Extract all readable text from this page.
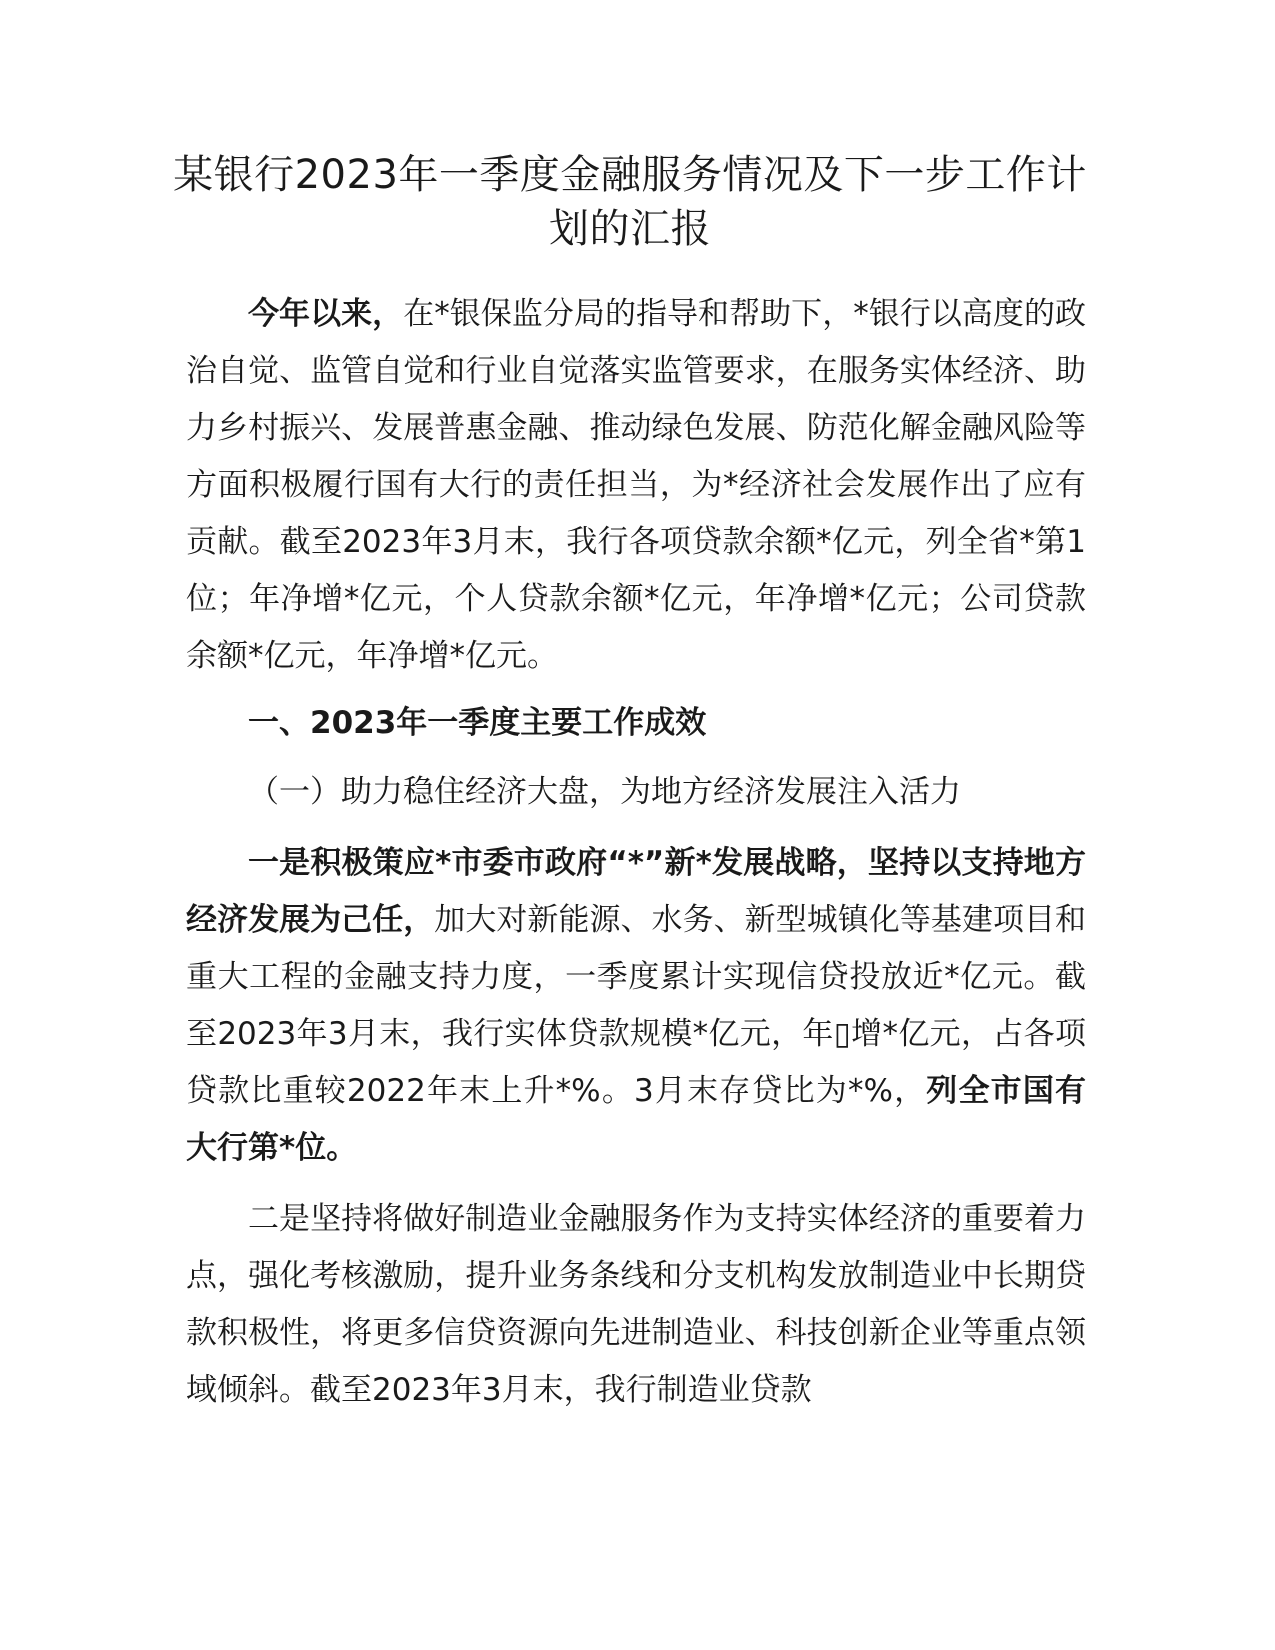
某银行2023年一季度金融服务情况及下一步工作计划的汇报

今年以来，在*银保监分局的指导和帮助下，*银行以高度的政治自觉、监管自觉和行业自觉落实监管要求，在服务实体经济、助力乡村振兴、发展普惠金融、推动绿色发展、防范化解金融风险等方面积极履行国有大行的责任担当，为*经济社会发展作出了应有贡献。截至2023年3月末，我行各项贷款余额*亿元，列全省*第1位；年净增*亿元，个人贷款余额*亿元，年净增*亿元；公司贷款余额*亿元，年净增*亿元。

一、2023年一季度主要工作成效

（一）助力稳住经济大盘，为地方经济发展注入活力

一是积极策应*市委市政府“*”新*发展战略，坚持以支持地方经济发展为己任，加大对新能源、水务、新型城镇化等基建项目和重大工程的金融支持力度，一季度累计实现信贷投放近*亿元。截至2023年3月末，我行实体贷款规模*亿元，年▯增*亿元，占各项贷款比重较2022年末上升*%。3月末存贷比为*%，列全市国有大行第*位。

二是坚持将做好制造业金融服务作为支持实体经济的重要着力点，强化考核激励，提升业务条线和分支机构发放制造业中长期贷款积极性，将更多信贷资源向先进制造业、科技创新企业等重点领域倾斜。截至2023年3月末，我行制造业贷款
